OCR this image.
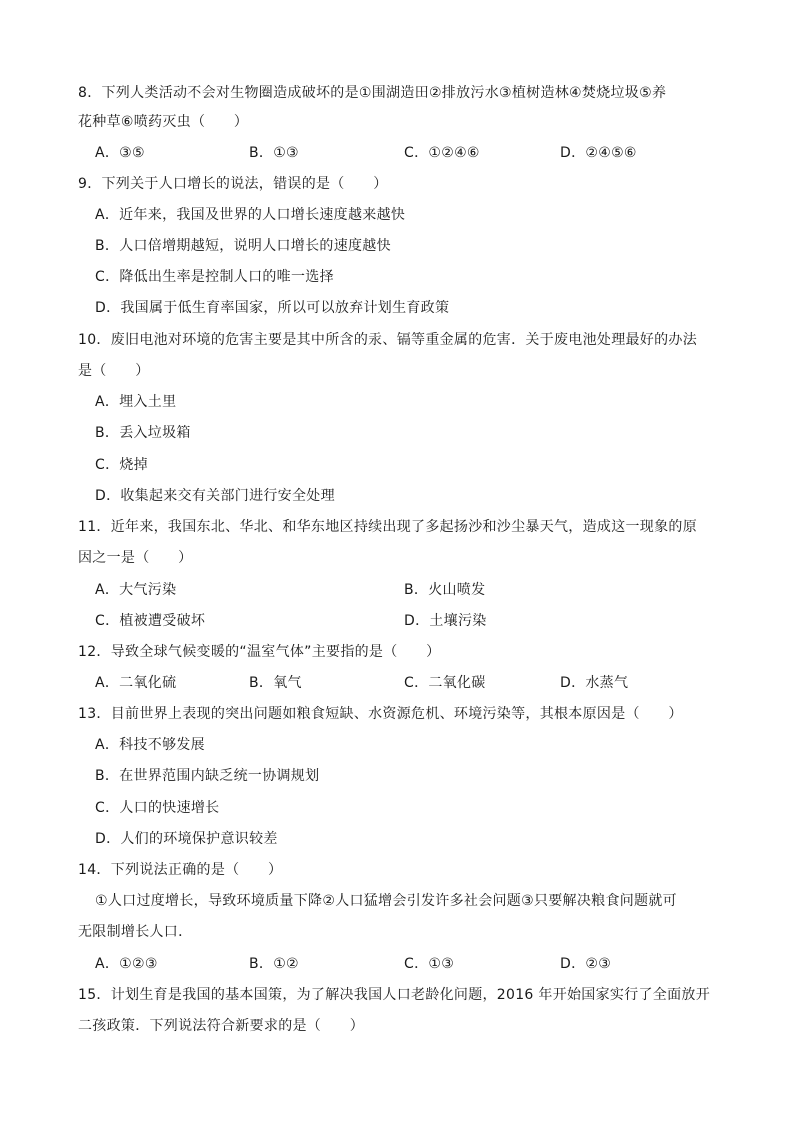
8．下列人类活动不会对生物圈造成破坏的是①围湖造田②排放污水③植树造林④焚烧垃圾⑤养
花种草⑥喷药灭虫（　　）
A．③⑤	B．①③	C．①②④⑥	D．②④⑤⑥
9．下列关于人口增长的说法，错误的是（　　）
A．近年来，我国及世界的人口增长速度越来越快
B．人口倍增期越短，说明人口增长的速度越快
C．降低出生率是控制人口的唯一选择
D．我国属于低生育率国家，所以可以放弃计划生育政策
10．废旧电池对环境的危害主要是其中所含的汞、镉等重金属的危害．关于废电池处理最好的办法
是（　　）
A．埋入土里
B．丢入垃圾箱
C．烧掉
D．收集起来交有关部门进行安全处理
11．近年来，我国东北、华北、和华东地区持续出现了多起扬沙和沙尘暴天气，造成这一现象的原
因之一是（　　）
A．大气污染	B．火山喷发
C．植被遭受破坏	D．土壤污染
12．导致全球气候变暖的“温室气体”主要指的是（　　）
A．二氧化硫	B．氧气	C．二氧化碳	D．水蒸气
13．目前世界上表现的突出问题如粮食短缺、水资源危机、环境污染等，其根本原因是（　　）
A．科技不够发展
B．在世界范围内缺乏统一协调规划
C．人口的快速增长
D．人们的环境保护意识较差
14．下列说法正确的是（　　）
①人口过度增长，导致环境质量下降②人口猛增会引发许多社会问题③只要解决粮食问题就可
无限制增长人口．
A．①②③	B．①②	C．①③	D．②③
15．计划生育是我国的基本国策，为了解决我国人口老龄化问题，2016 年开始国家实行了全面放开
二孩政策．下列说法符合新要求的是（　　）
